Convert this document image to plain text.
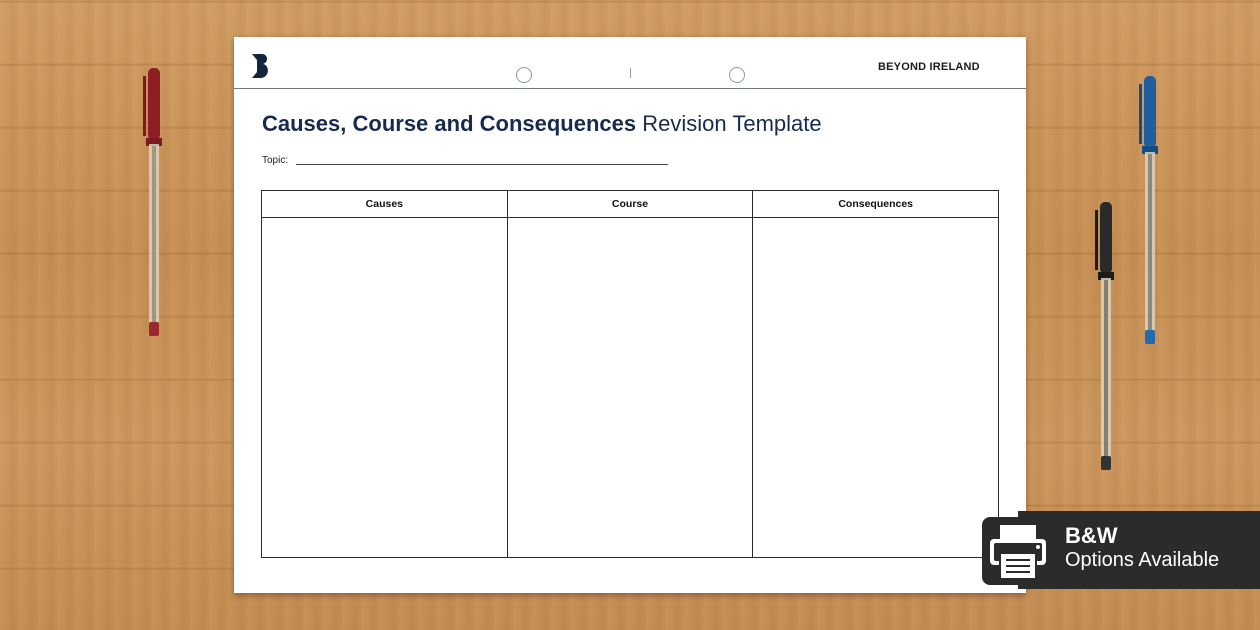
BEYOND IRELAND
Causes, Course and Consequences Revision Template
Topic:
Causes	Course	Consequences
B&W
Options Available
